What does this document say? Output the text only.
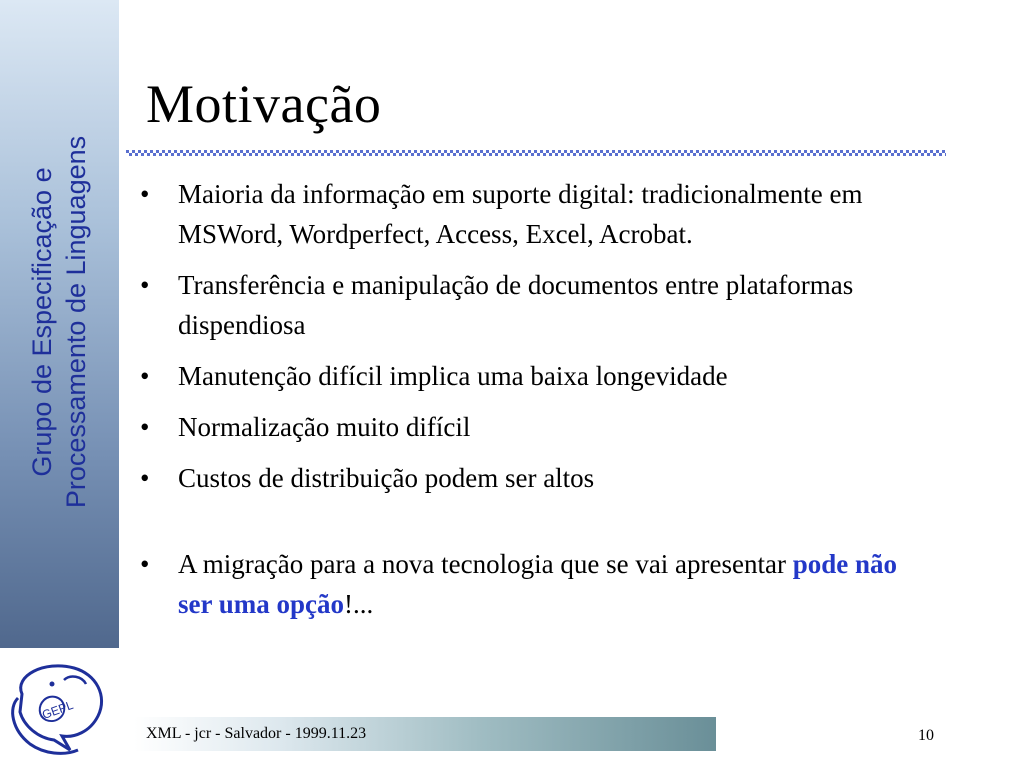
Grupo de Especificação e Processamento de Linguagens
GEPL
Motivação
• Maioria da informação em suporte digital: tradicionalmente em MSWord, Wordperfect, Access, Excel, Acrobat.
• Transferência e manipulação de documentos entre plataformas dispendiosa
• Manutenção difícil implica uma baixa longevidade
• Normalização muito difícil
• Custos de distribuição podem ser altos
• A migração para a nova tecnologia que se vai apresentar pode não ser uma opção!...
XML - jcr - Salvador - 1999.11.23	10
